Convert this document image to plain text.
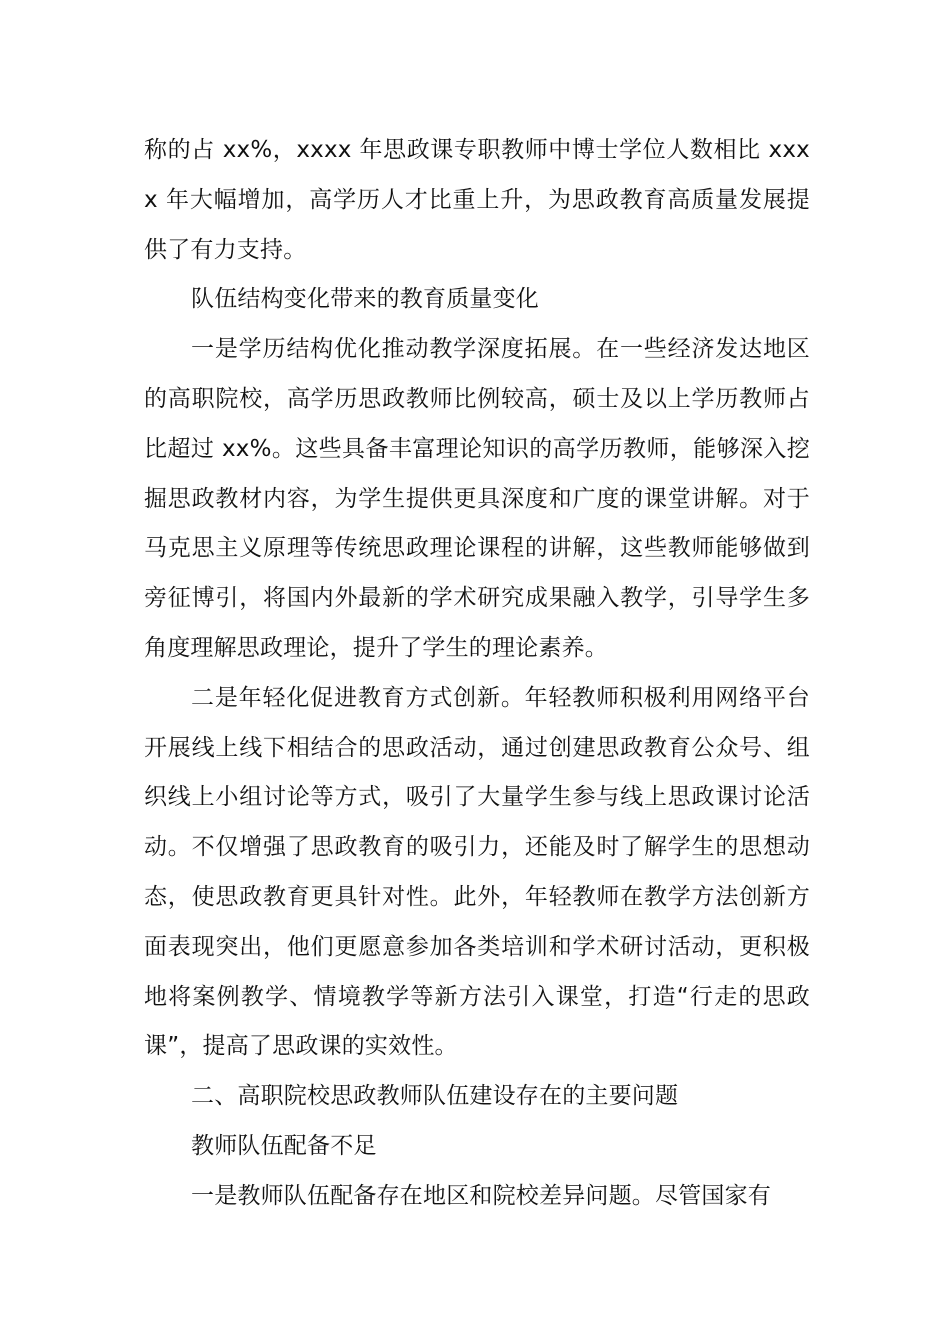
称的占 xx%，xxxx 年思政课专职教师中博士学位人数相比 xxxx 年大幅增加，高学历人才比重上升，为思政教育高质量发展提供了有力支持。

队伍结构变化带来的教育质量变化

一是学历结构优化推动教学深度拓展。在一些经济发达地区的高职院校，高学历思政教师比例较高，硕士及以上学历教师占比超过 xx%。这些具备丰富理论知识的高学历教师，能够深入挖掘思政教材内容，为学生提供更具深度和广度的课堂讲解。对于马克思主义原理等传统思政理论课程的讲解，这些教师能够做到旁征博引，将国内外最新的学术研究成果融入教学，引导学生多角度理解思政理论，提升了学生的理论素养。

二是年轻化促进教育方式创新。年轻教师积极利用网络平台开展线上线下相结合的思政活动，通过创建思政教育公众号、组织线上小组讨论等方式，吸引了大量学生参与线上思政课讨论活动。不仅增强了思政教育的吸引力，还能及时了解学生的思想动态，使思政教育更具针对性。此外，年轻教师在教学方法创新方面表现突出，他们更愿意参加各类培训和学术研讨活动，更积极地将案例教学、情境教学等新方法引入课堂，打造“行走的思政课”，提高了思政课的实效性。

二、高职院校思政教师队伍建设存在的主要问题

教师队伍配备不足

一是教师队伍配备存在地区和院校差异问题。尽管国家有
